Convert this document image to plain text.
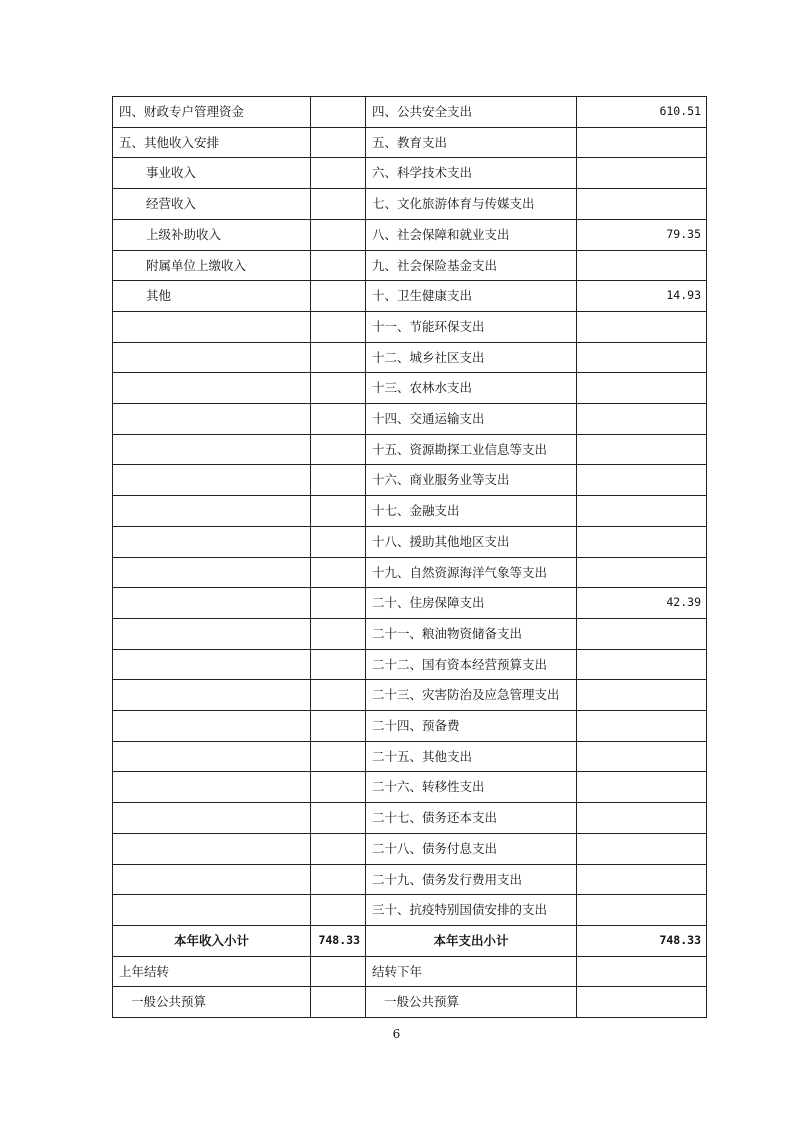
四、财政专户管理资金		四、公共安全支出	610.51
五、其他收入安排		五、教育支出	
事业收入		六、科学技术支出	
经营收入		七、文化旅游体育与传媒支出	
上级补助收入		八、社会保障和就业支出	79.35
附属单位上缴收入		九、社会保险基金支出	
其他		十、卫生健康支出	14.93
		十一、节能环保支出	
		十二、城乡社区支出	
		十三、农林水支出	
		十四、交通运输支出	
		十五、资源勘探工业信息等支出	
		十六、商业服务业等支出	
		十七、金融支出	
		十八、援助其他地区支出	
		十九、自然资源海洋气象等支出	
		二十、住房保障支出	42.39
		二十一、粮油物资储备支出	
		二十二、国有资本经营预算支出	
		二十三、灾害防治及应急管理支出	
		二十四、预备费	
		二十五、其他支出	
		二十六、转移性支出	
		二十七、债务还本支出	
		二十八、债务付息支出	
		二十九、债务发行费用支出	
		三十、抗疫特别国债安排的支出	
本年收入小计	748.33	本年支出小计	748.33
上年结转		结转下年	
一般公共预算		一般公共预算	
6
